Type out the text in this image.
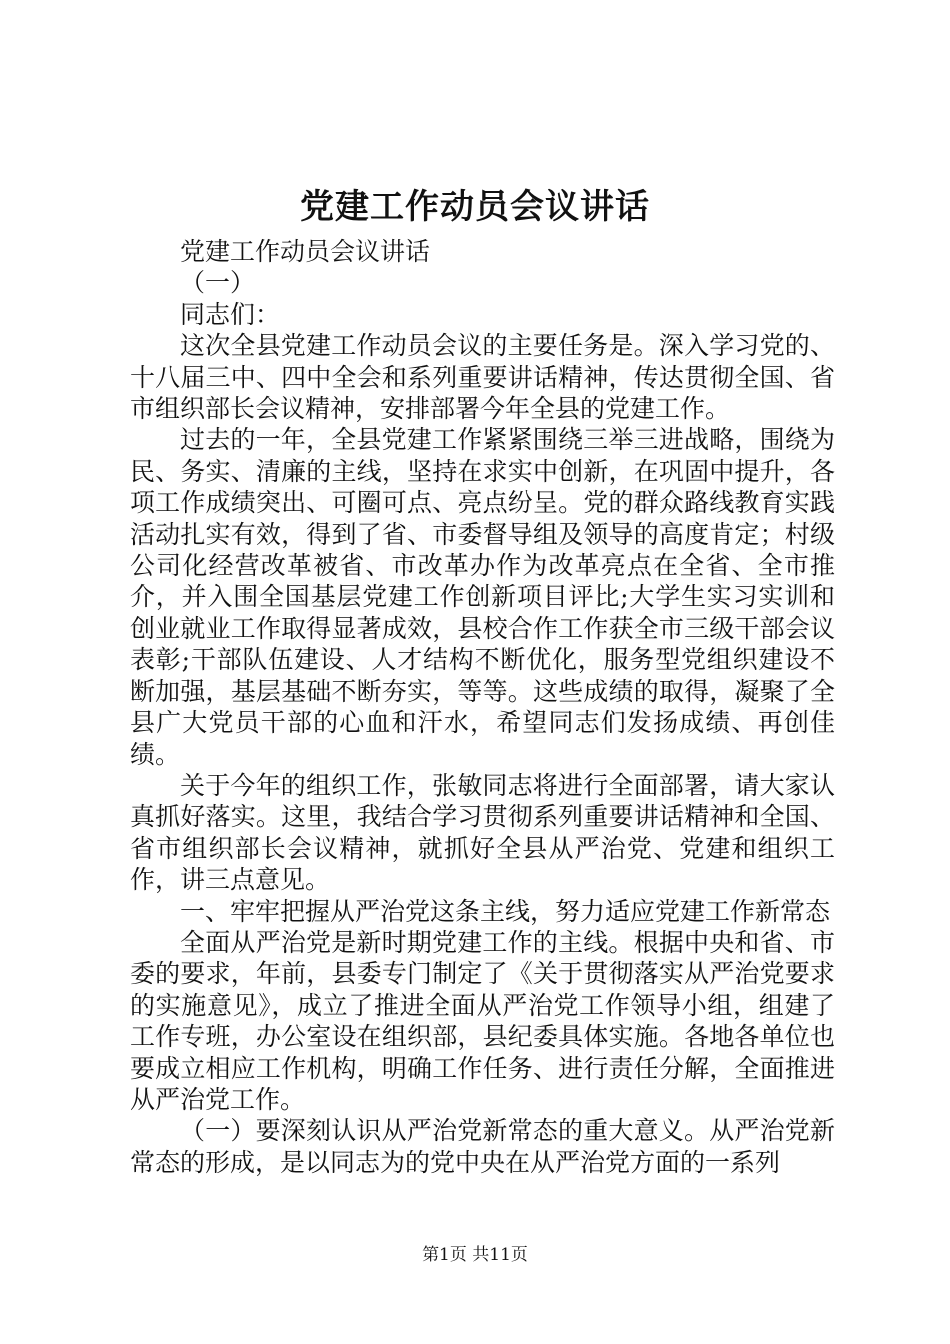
党建工作动员会议讲话

党建工作动员会议讲话

（一）

同志们：

这次全县党建工作动员会议的主要任务是。深入学习党的、十八届三中、四中全会和系列重要讲话精神，传达贯彻全国、省市组织部长会议精神，安排部署今年全县的党建工作。

过去的一年，全县党建工作紧紧围绕三举三进战略，围绕为民、务实、清廉的主线，坚持在求实中创新，在巩固中提升，各项工作成绩突出、可圈可点、亮点纷呈。党的群众路线教育实践活动扎实有效，得到了省、市委督导组及领导的高度肯定；村级公司化经营改革被省、市改革办作为改革亮点在全省、全市推介，并入围全国基层党建工作创新项目评比;大学生实习实训和创业就业工作取得显著成效，县校合作工作获全市三级干部会议表彰;干部队伍建设、人才结构不断优化，服务型党组织建设不断加强，基层基础不断夯实，等等。这些成绩的取得，凝聚了全县广大党员干部的心血和汗水，希望同志们发扬成绩、再创佳绩。

关于今年的组织工作，张敏同志将进行全面部署，请大家认真抓好落实。这里，我结合学习贯彻系列重要讲话精神和全国、省市组织部长会议精神，就抓好全县从严治党、党建和组织工作，讲三点意见。

一、牢牢把握从严治党这条主线，努力适应党建工作新常态

全面从严治党是新时期党建工作的主线。根据中央和省、市委的要求，年前，县委专门制定了《关于贯彻落实从严治党要求的实施意见》，成立了推进全面从严治党工作领导小组，组建了工作专班，办公室设在组织部，县纪委具体实施。各地各单位也要成立相应工作机构，明确工作任务、进行责任分解，全面推进从严治党工作。

（一）要深刻认识从严治党新常态的重大意义。从严治党新常态的形成，是以同志为的党中央在从严治党方面的一系列

第1页 共11页
